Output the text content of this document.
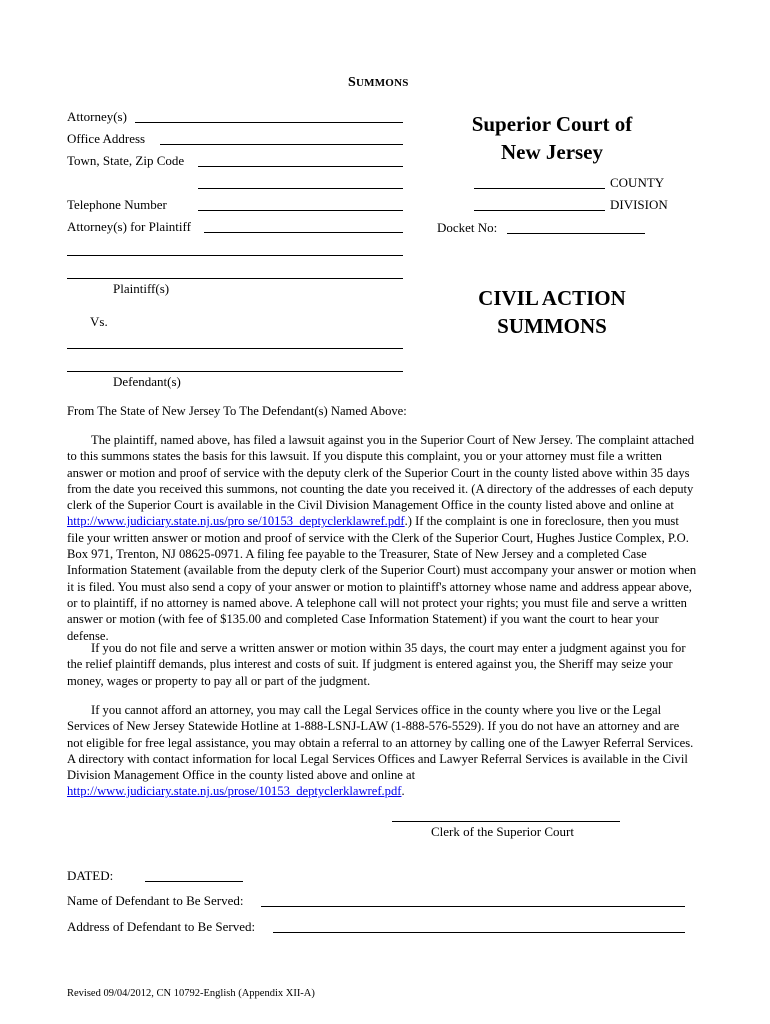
SUMMONS
Attorney(s)
Office Address
Town, State, Zip Code
Telephone Number
Attorney(s) for Plaintiff
Plaintiff(s)
Vs.
Defendant(s)
Superior Court of
New Jersey
COUNTY
DIVISION
Docket No:
CIVIL ACTION
SUMMONS
From The State of New Jersey To The Defendant(s) Named Above:
The plaintiff, named above, has filed a lawsuit against you in the Superior Court of New Jersey. The complaint attached
to this summons states the basis for this lawsuit. If you dispute this complaint, you or your attorney must file a written
answer or motion and proof of service with the deputy clerk of the Superior Court in the county listed above within 35 days
from the date you received this summons, not counting the date you received it. (A directory of the addresses of each deputy
clerk of the Superior Court is available in the Civil Division Management Office in the county listed above and online at
http://www.judiciary.state.nj.us/pro se/10153_deptyclerklawref.pdf.) If the complaint is one in foreclosure, then you must
file your written answer or motion and proof of service with the Clerk of the Superior Court, Hughes Justice Complex, P.O.
Box 971, Trenton, NJ 08625-0971. A filing fee payable to the Treasurer, State of New Jersey and a completed Case
Information Statement (available from the deputy clerk of the Superior Court) must accompany your answer or motion when
it is filed. You must also send a copy of your answer or motion to plaintiff's attorney whose name and address appear above,
or to plaintiff, if no attorney is named above. A telephone call will not protect your rights; you must file and serve a written
answer or motion (with fee of $135.00 and completed Case Information Statement) if you want the court to hear your
defense.
If you do not file and serve a written answer or motion within 35 days, the court may enter a judgment against you for
the relief plaintiff demands, plus interest and costs of suit. If judgment is entered against you, the Sheriff may seize your
money, wages or property to pay all or part of the judgment.
If you cannot afford an attorney, you may call the Legal Services office in the county where you live or the Legal
Services of New Jersey Statewide Hotline at 1-888-LSNJ-LAW (1-888-576-5529). If you do not have an attorney and are
not eligible for free legal assistance, you may obtain a referral to an attorney by calling one of the Lawyer Referral Services.
A directory with contact information for local Legal Services Offices and Lawyer Referral Services is available in the Civil
Division Management Office in the county listed above and online at
http://www.judiciary.state.nj.us/prose/10153_deptyclerklawref.pdf.
Clerk of the Superior Court
DATED:
Name of Defendant to Be Served:
Address of Defendant to Be Served:
Revised 09/04/2012, CN 10792-English (Appendix XII-A)
